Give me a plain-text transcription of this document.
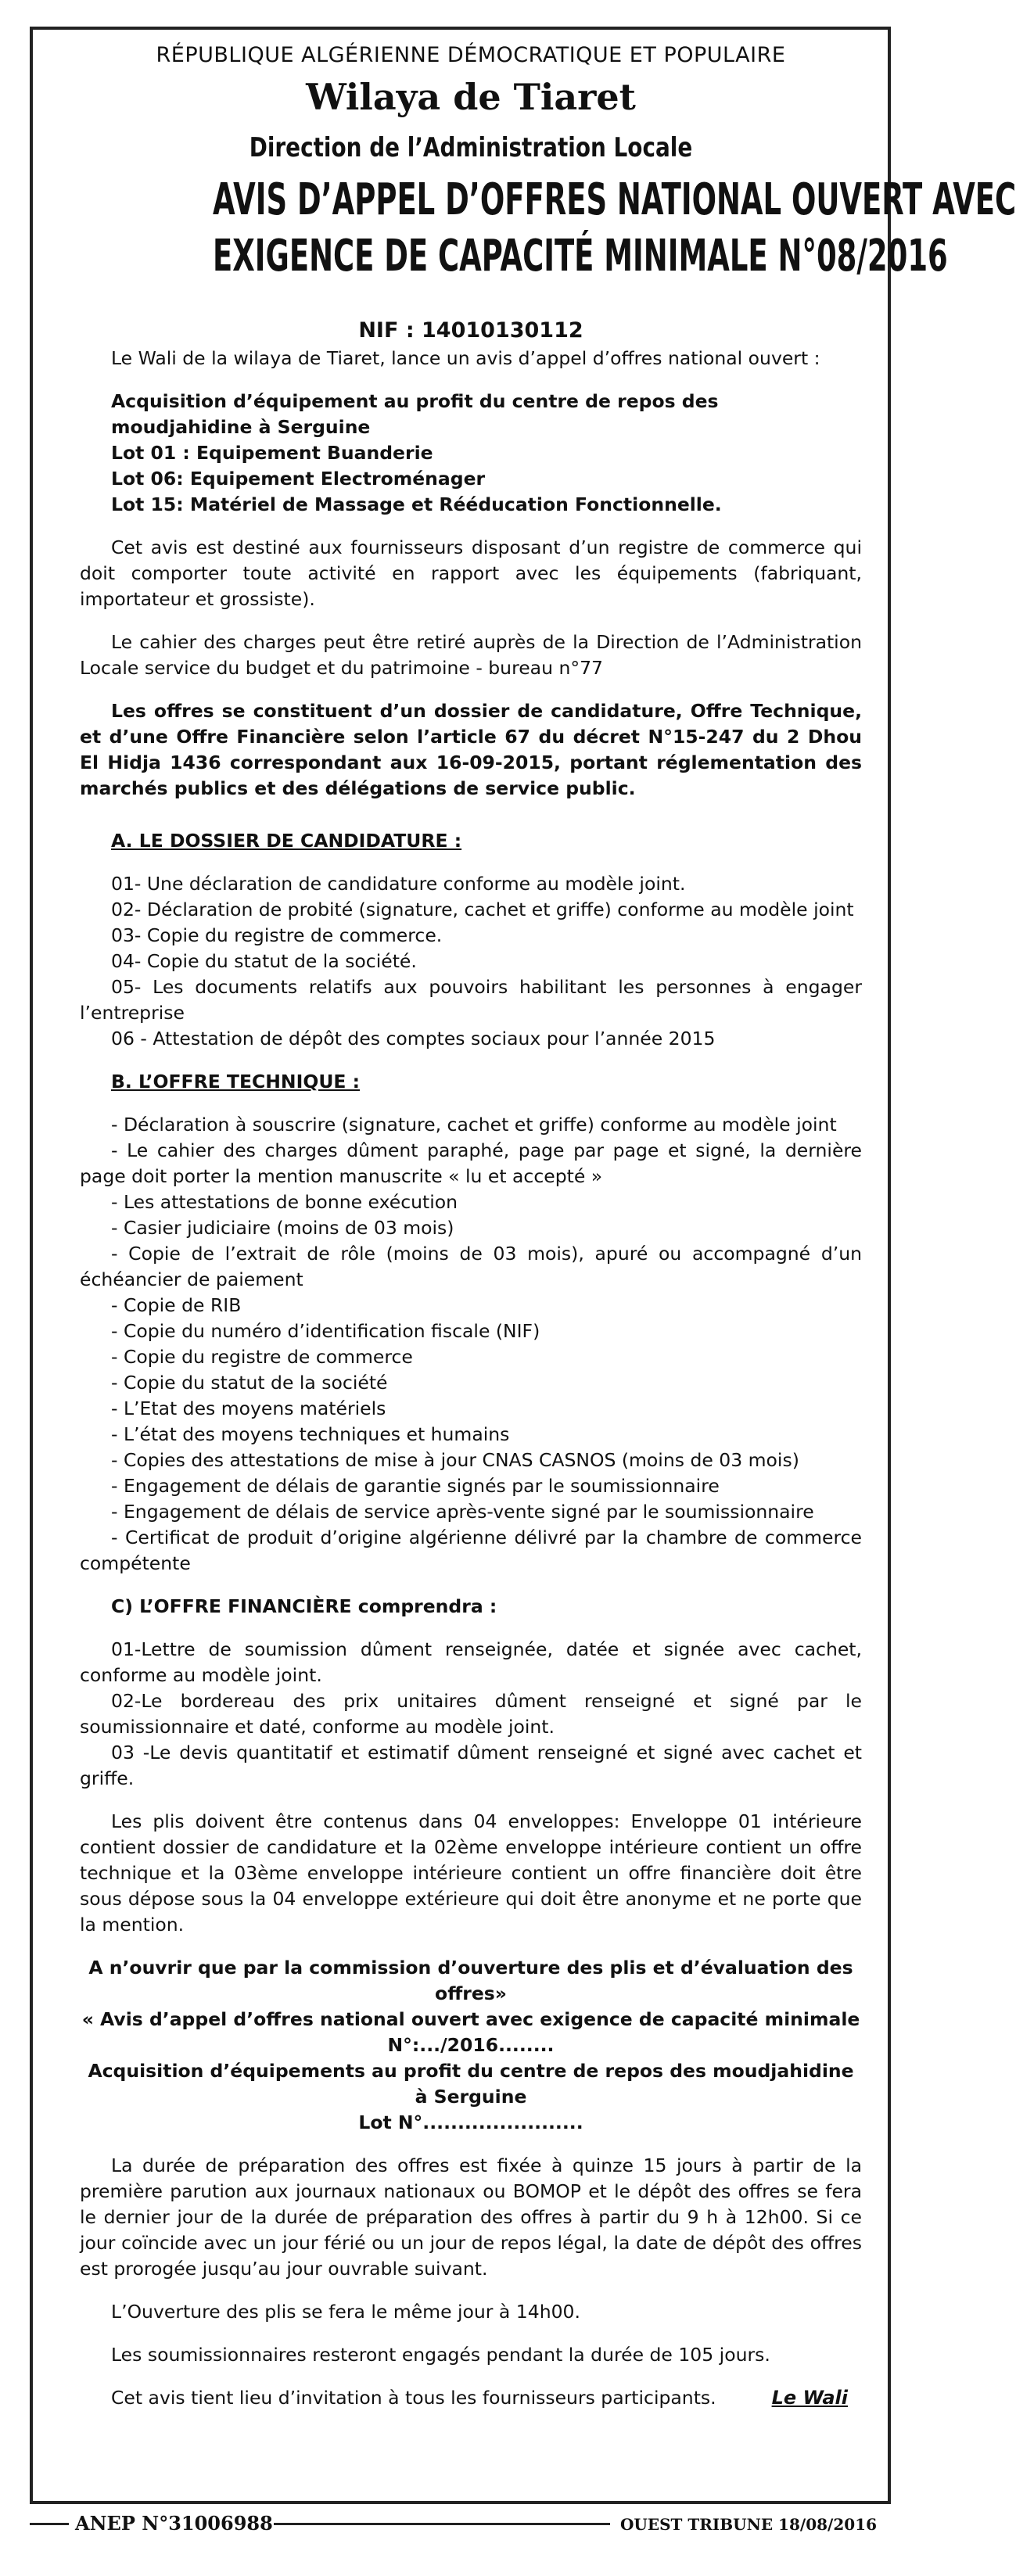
RÉPUBLIQUE ALGÉRIENNE DÉMOCRATIQUE ET POPULAIRE
Wilaya de Tiaret
Direction de l’Administration Locale
AVIS D’APPEL D’OFFRES NATIONAL OUVERT AVEC
EXIGENCE DE CAPACITÉ MINIMALE N°08/2016
NIF : 14010130112
Le Wali de la wilaya de Tiaret, lance un avis d’appel d’offres national ouvert :
Acquisition d’équipement au profit du centre de repos des moudjahidine à Serguine
Lot 01 : Equipement Buanderie
Lot 06: Equipement Electroménager
Lot 15: Matériel de Massage et Rééducation Fonctionnelle.
Cet avis est destiné aux fournisseurs disposant d’un registre de commerce qui doit comporter toute activité en rapport avec les équipements (fabriquant, importateur et grossiste).
Le cahier des charges peut être retiré auprès de la Direction de l’Administration Locale service du budget et du patrimoine - bureau n°77
Les offres se constituent d’un dossier de candidature, Offre Technique, et d’une Offre Financière selon l’article 67 du décret N°15-247 du 2 Dhou El Hidja 1436 correspondant aux 16-09-2015, portant réglementation des marchés publics et des délégations de service public.
A. LE DOSSIER DE CANDIDATURE :
01- Une déclaration de candidature conforme au modèle joint.
02- Déclaration de probité (signature, cachet et griffe) conforme au modèle joint
03- Copie du registre de commerce.
04- Copie du statut de la société.
05- Les documents relatifs aux pouvoirs habilitant les personnes à engager l’entreprise
06 - Attestation de dépôt des comptes sociaux pour l’année 2015
B. L’OFFRE TECHNIQUE :
- Déclaration à souscrire (signature, cachet et griffe) conforme au modèle joint
- Le cahier des charges dûment paraphé, page par page et signé, la dernière page doit porter la mention manuscrite « lu et accepté »
- Les attestations de bonne exécution
- Casier judiciaire (moins de 03 mois)
- Copie de l’extrait de rôle (moins de 03 mois), apuré ou accompagné d’un échéancier de paiement
- Copie de RIB
- Copie du numéro d’identification fiscale (NIF)
- Copie du registre de commerce
- Copie du statut de la société
- L’Etat des moyens matériels
- L’état des moyens techniques et humains
- Copies des attestations de mise à jour CNAS CASNOS (moins de 03 mois)
- Engagement de délais de garantie signés par le soumissionnaire
- Engagement de délais de service après-vente signé par le soumissionnaire
- Certificat de produit d’origine algérienne délivré par la chambre de commerce compétente
C) L’OFFRE FINANCIÈRE comprendra :
01-Lettre de soumission dûment renseignée, datée et signée avec cachet, conforme au modèle joint.
02-Le bordereau des prix unitaires dûment renseigné et signé par le soumissionnaire et daté, conforme au modèle joint.
03 -Le devis quantitatif et estimatif dûment renseigné et signé avec cachet et griffe.
Les plis doivent être contenus dans 04 enveloppes: Enveloppe 01 intérieure contient dossier de candidature et la 02ème enveloppe intérieure contient un offre technique et la 03ème enveloppe intérieure contient un offre financière doit être sous dépose sous la 04 enveloppe extérieure qui doit être anonyme et ne porte que la mention.
A n’ouvrir que par la commission d’ouverture des plis et d’évaluation des offres»
« Avis d’appel d’offres national ouvert avec exigence de capacité minimale
N°:.../2016........
Acquisition d’équipements au profit du centre de repos des moudjahidine à Serguine
Lot N°.......................
La durée de préparation des offres est fixée à quinze 15 jours à partir de la première parution aux journaux nationaux ou BOMOP et le dépôt des offres se fera le dernier jour de la durée de préparation des offres à partir du 9 h à 12h00. Si ce jour coïncide avec un jour férié ou un jour de repos légal, la date de dépôt des offres est prorogée jusqu’au jour ouvrable suivant.
L’Ouverture des plis se fera le même jour à 14h00.
Les soumissionnaires resteront engagés pendant la durée de 105 jours.
Cet avis tient lieu d’invitation à tous les fournisseurs participants.	Le Wali
ANEP N°31006988	OUEST TRIBUNE 18/08/2016
